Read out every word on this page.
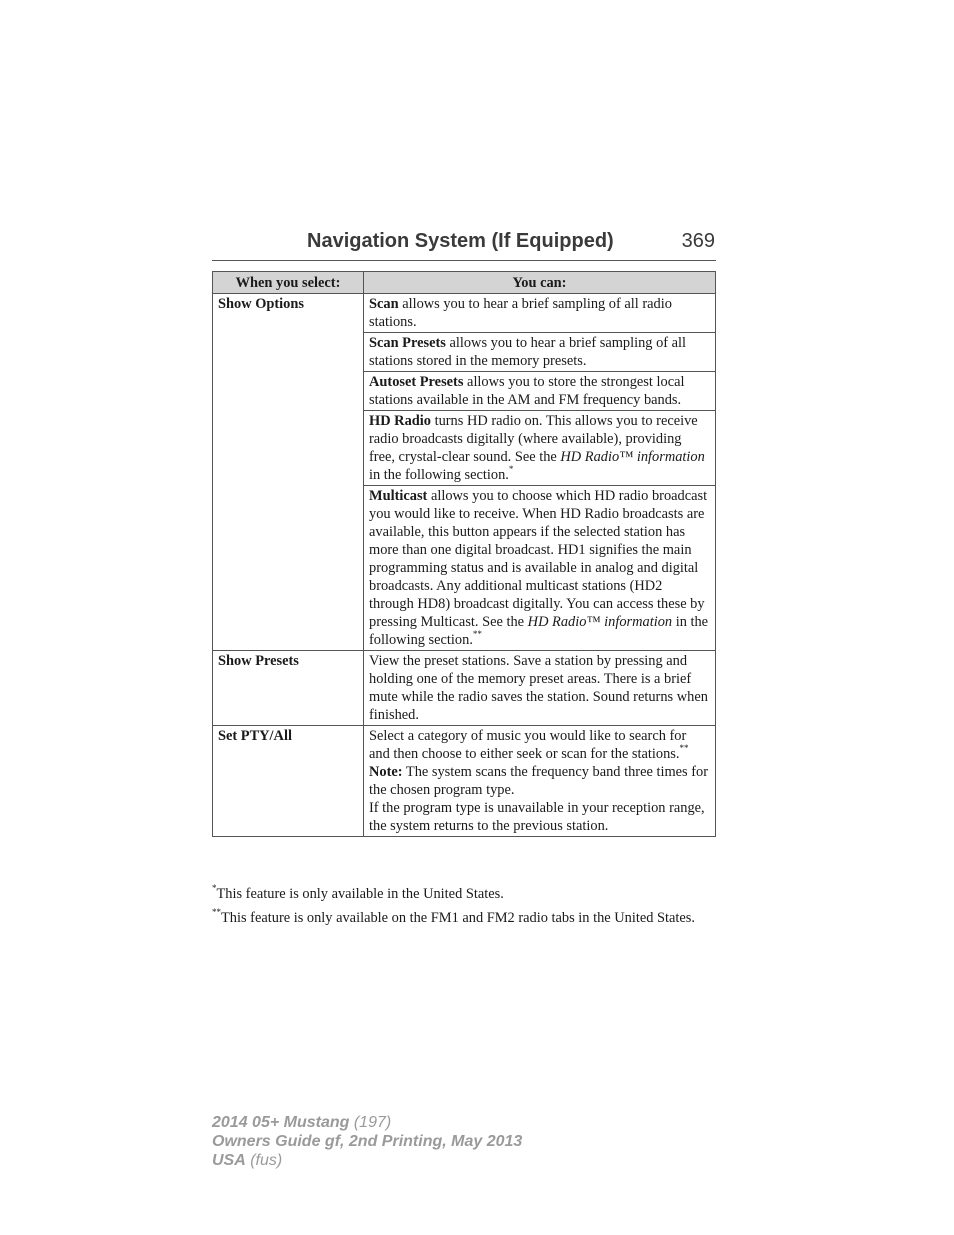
Navigation System (If Equipped)	369
When you select:	You can:
Show Options	Scan allows you to hear a brief sampling of all radio stations.
	Scan Presets allows you to hear a brief sampling of all stations stored in the memory presets.
	Autoset Presets allows you to store the strongest local stations available in the AM and FM frequency bands.
	HD Radio turns HD radio on. This allows you to receive radio broadcasts digitally (where available), providing free, crystal-clear sound. See the HD Radio™ information in the following section.*
	Multicast allows you to choose which HD radio broadcast you would like to receive. When HD Radio broadcasts are available, this button appears if the selected station has more than one digital broadcast. HD1 signifies the main programming status and is available in analog and digital broadcasts. Any additional multicast stations (HD2 through HD8) broadcast digitally. You can access these by pressing Multicast. See the HD Radio™ information in the following section.**
Show Presets	View the preset stations. Save a station by pressing and holding one of the memory preset areas. There is a brief mute while the radio saves the station. Sound returns when finished.
Set PTY/All	Select a category of music you would like to search for and then choose to either seek or scan for the stations.**
Note: The system scans the frequency band three times for the chosen program type.
If the program type is unavailable in your reception range, the system returns to the previous station.

*This feature is only available in the United States.

**This feature is only available on the FM1 and FM2 radio tabs in the United States.

2014 05+ Mustang (197)
Owners Guide gf, 2nd Printing, May 2013
USA (fus)
